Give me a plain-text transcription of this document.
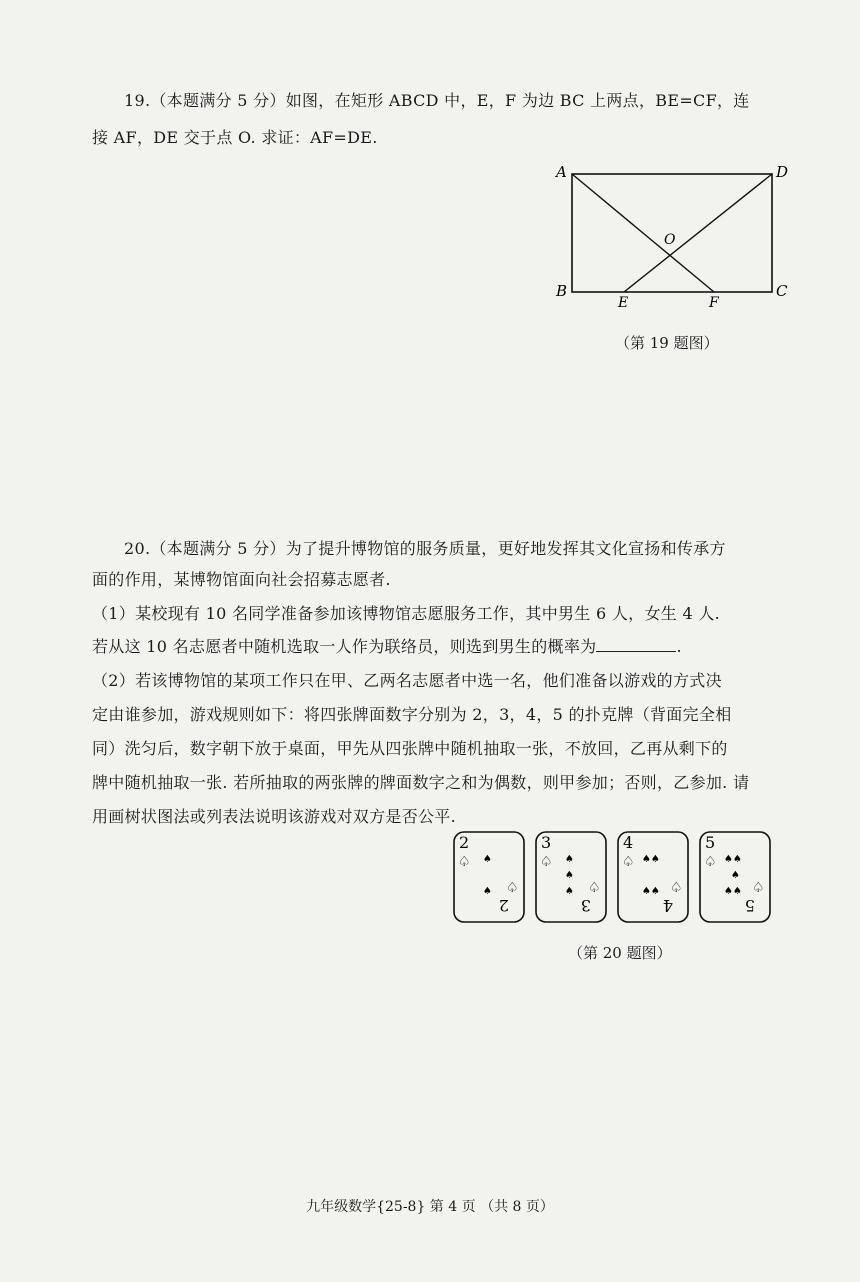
19.（本题满分 5 分）如图，在矩形 ABCD 中，E，F 为边 BC 上两点，BE=CF，连
接 AF，DE 交于点 O. 求证：AF=DE.
A	D
B	C
E	F
O
（第 19 题图）
20.（本题满分 5 分）为了提升博物馆的服务质量，更好地发挥其文化宣扬和传承方
面的作用，某博物馆面向社会招募志愿者.
（1）某校现有 10 名同学准备参加该博物馆志愿服务工作，其中男生 6 人，女生 4 人.
若从这 10 名志愿者中随机选取一人作为联络员，则选到男生的概率为	.
（2）若该博物馆的某项工作只在甲、乙两名志愿者中选一名，他们准备以游戏的方式决
定由谁参加，游戏规则如下：将四张牌面数字分别为 2，3，4，5 的扑克牌（背面完全相
同）洗匀后，数字朝下放于桌面，甲先从四张牌中随机抽取一张，不放回，乙再从剩下的
牌中随机抽取一张. 若所抽取的两张牌的牌面数字之和为偶数，则甲参加；否则，乙参加. 请
用画树状图法或列表法说明该游戏对双方是否公平.
2
2
♤ ♠
♠ ♤
3
3
♤ ♠
♠
♠ ♤
4
4
♤ ♠♠
♠♠ ♤
5
5
♤ ♠♠
♠
♠♠ ♤
（第 20 题图）
九年级数学{25-8} 第 4 页 （共 8 页）
